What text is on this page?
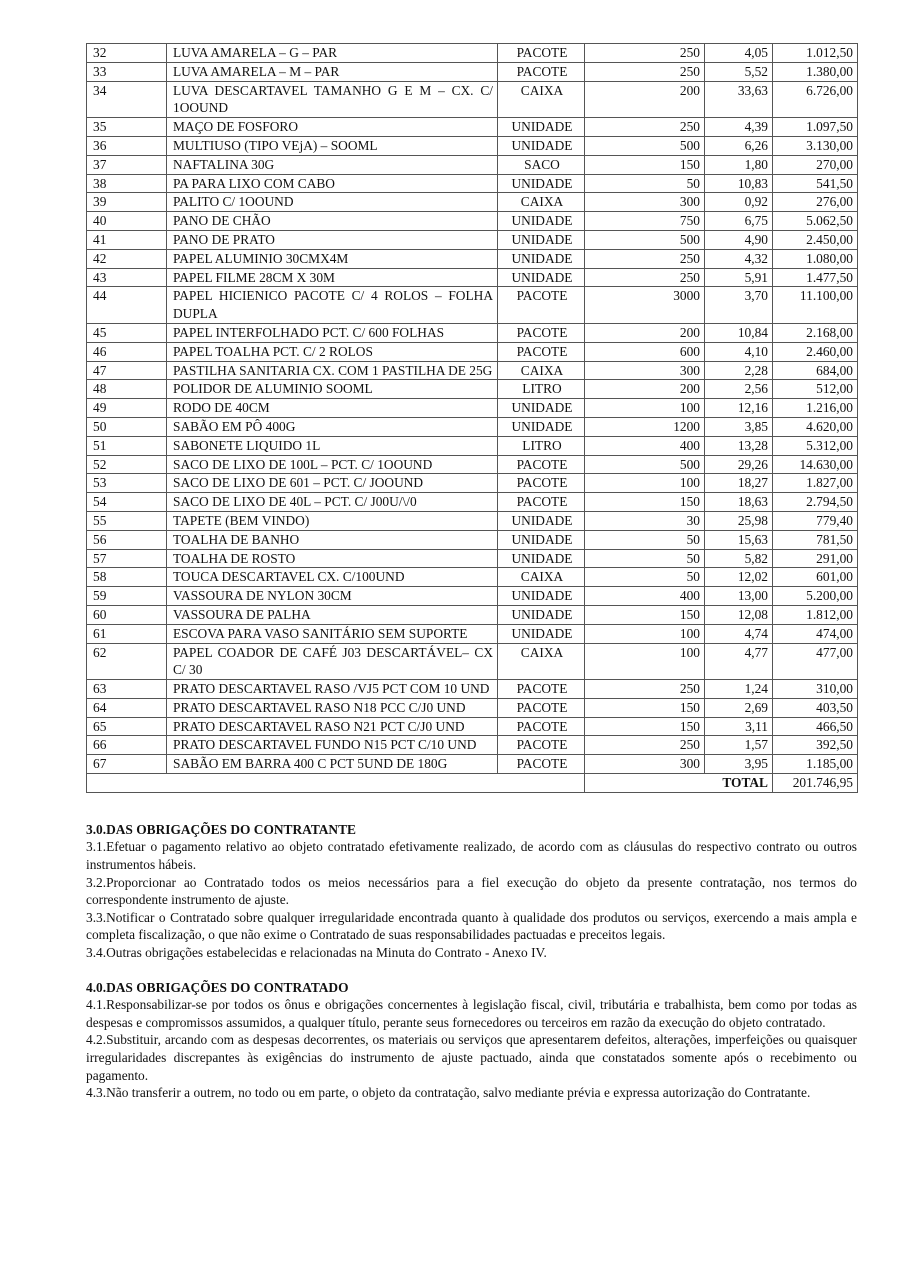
32	LUVA AMARELA – G – PAR	PACOTE	250	4,05	1.012,50
33	LUVA AMARELA – M – PAR	PACOTE	250	5,52	1.380,00
34	LUVA DESCARTAVEL TAMANHO G E M – CX. C/ 1OOUND	CAIXA	200	33,63	6.726,00
35	MAÇO DE FOSFORO	UNIDADE	250	4,39	1.097,50
36	MULTIUSO (TIPO VEjA) – SOOML	UNIDADE	500	6,26	3.130,00
37	NAFTALINA 30G	SACO	150	1,80	270,00
38	PA PARA LIXO COM CABO	UNIDADE	50	10,83	541,50
39	PALITO C/ 1OOUND	CAIXA	300	0,92	276,00
40	PANO DE CHÃO	UNIDADE	750	6,75	5.062,50
41	PANO DE PRATO	UNIDADE	500	4,90	2.450,00
42	PAPEL ALUMINIO 30CMX4M	UNIDADE	250	4,32	1.080,00
43	PAPEL FILME 28CM X 30M	UNIDADE	250	5,91	1.477,50
44	PAPEL HICIENICO PACOTE C/ 4 ROLOS – FOLHA DUPLA	PACOTE	3000	3,70	11.100,00
45	PAPEL INTERFOLHADO PCT. C/ 600 FOLHAS	PACOTE	200	10,84	2.168,00
46	PAPEL TOALHA PCT. C/ 2 ROLOS	PACOTE	600	4,10	2.460,00
47	PASTILHA SANITARIA CX. COM 1 PASTILHA DE 25G	CAIXA	300	2,28	684,00
48	POLIDOR DE ALUMINIO SOOML	LITRO	200	2,56	512,00
49	RODO DE 40CM	UNIDADE	100	12,16	1.216,00
50	SABÃO EM PÔ 400G	UNIDADE	1200	3,85	4.620,00
51	SABONETE LIQUIDO 1L	LITRO	400	13,28	5.312,00
52	SACO DE LIXO DE 100L – PCT. C/ 1OOUND	PACOTE	500	29,26	14.630,00
53	SACO DE LIXO DE 601 – PCT. C/ JOOUND	PACOTE	100	18,27	1.827,00
54	SACO DE LIXO DE 40L – PCT. C/ J00U/\/0	PACOTE	150	18,63	2.794,50
55	TAPETE (BEM VINDO)	UNIDADE	30	25,98	779,40
56	TOALHA DE BANHO	UNIDADE	50	15,63	781,50
57	TOALHA DE ROSTO	UNIDADE	50	5,82	291,00
58	TOUCA DESCARTAVEL CX. C/100UND	CAIXA	50	12,02	601,00
59	VASSOURA DE NYLON 30CM	UNIDADE	400	13,00	5.200,00
60	VASSOURA DE PALHA	UNIDADE	150	12,08	1.812,00
61	ESCOVA PARA VASO SANITÁRIO SEM SUPORTE	UNIDADE	100	4,74	474,00
62	PAPEL COADOR DE CAFÉ J03 DESCARTÁVEL– CX C/ 30	CAIXA	100	4,77	477,00
63	PRATO DESCARTAVEL RASO /VJ5 PCT COM 10 UND	PACOTE	250	1,24	310,00
64	PRATO DESCARTAVEL RASO N18 PCC C/J0 UND	PACOTE	150	2,69	403,50
65	PRATO DESCARTAVEL RASO N21 PCT C/J0 UND	PACOTE	150	3,11	466,50
66	PRATO DESCARTAVEL FUNDO N15 PCT C/10 UND	PACOTE	250	1,57	392,50
67	SABÃO EM BARRA 400 C PCT 5UND DE 180G	PACOTE	300	3,95	1.185,00
			TOTAL		201.746,95
3.0.DAS OBRIGAÇÕES DO CONTRATANTE

3.1.Efetuar o pagamento relativo ao objeto contratado efetivamente realizado, de acordo com as cláusulas do respectivo contrato ou outros instrumentos hábeis.

3.2.Proporcionar ao Contratado todos os meios necessários para a fiel execução do objeto da presente contratação, nos termos do correspondente instrumento de ajuste.

3.3.Notificar o Contratado sobre qualquer irregularidade encontrada quanto à qualidade dos produtos ou serviços, exercendo a mais ampla e completa fiscalização, o que não exime o Contratado de suas responsabilidades pactuadas e preceitos legais.

3.4.Outras obrigações estabelecidas e relacionadas na Minuta do Contrato - Anexo IV.

4.0.DAS OBRIGAÇÕES DO CONTRATADO

4.1.Responsabilizar-se por todos os ônus e obrigações concernentes à legislação fiscal, civil, tributária e trabalhista, bem como por todas as despesas e compromissos assumidos, a qualquer título, perante seus fornecedores ou terceiros em razão da execução do objeto contratado.

4.2.Substituir, arcando com as despesas decorrentes, os materiais ou serviços que apresentarem defeitos, alterações, imperfeições ou quaisquer irregularidades discrepantes às exigências do instrumento de ajuste pactuado, ainda que constatados somente após o recebimento ou pagamento.

4.3.Não transferir a outrem, no todo ou em parte, o objeto da contratação, salvo mediante prévia e expressa autorização do Contratante.
